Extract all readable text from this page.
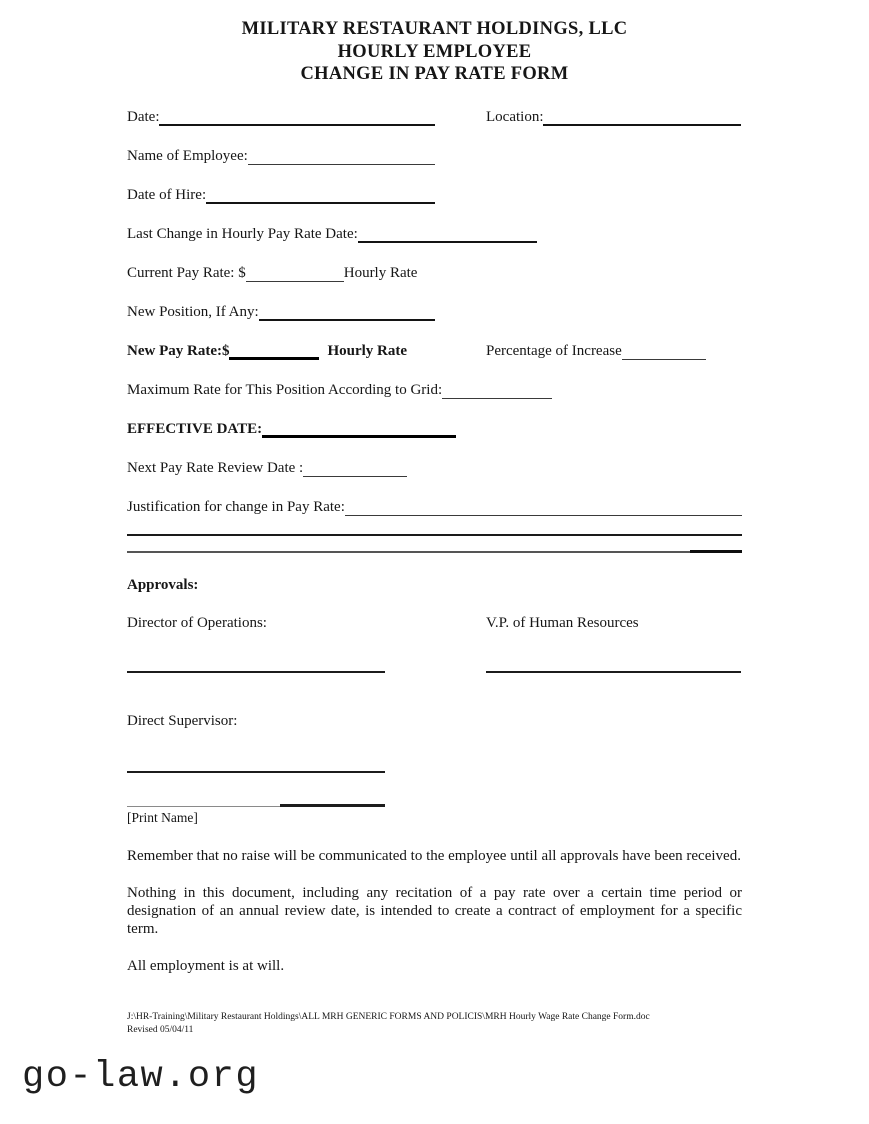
MILITARY RESTAURANT HOLDINGS, LLC
HOURLY EMPLOYEE
CHANGE IN PAY RATE FORM
Date:	Location:
Name of Employee:
Date of Hire:
Last Change in Hourly Pay Rate Date:
Current Pay Rate: $	Hourly Rate
New Position, If Any:
New Pay Rate:$	Hourly Rate	Percentage of Increase
Maximum Rate for This Position According to Grid:
EFFECTIVE DATE:
Next Pay Rate Review Date :
Justification for change in Pay Rate:
Approvals:
Director of Operations:	V.P. of Human Resources
Direct Supervisor:
[Print Name]

Remember that no raise will be communicated to the employee until all approvals have been received.

Nothing in this document, including any recitation of a pay rate over a certain time period or designation of an annual review date, is intended to create a contract of employment for a specific term.

All employment is at will.

J:\HR-Training\Military Restaurant Holdings\ALL MRH GENERIC FORMS AND POLICIS\MRH Hourly Wage Rate Change Form.doc
Revised 05/04/11
go-law.org
